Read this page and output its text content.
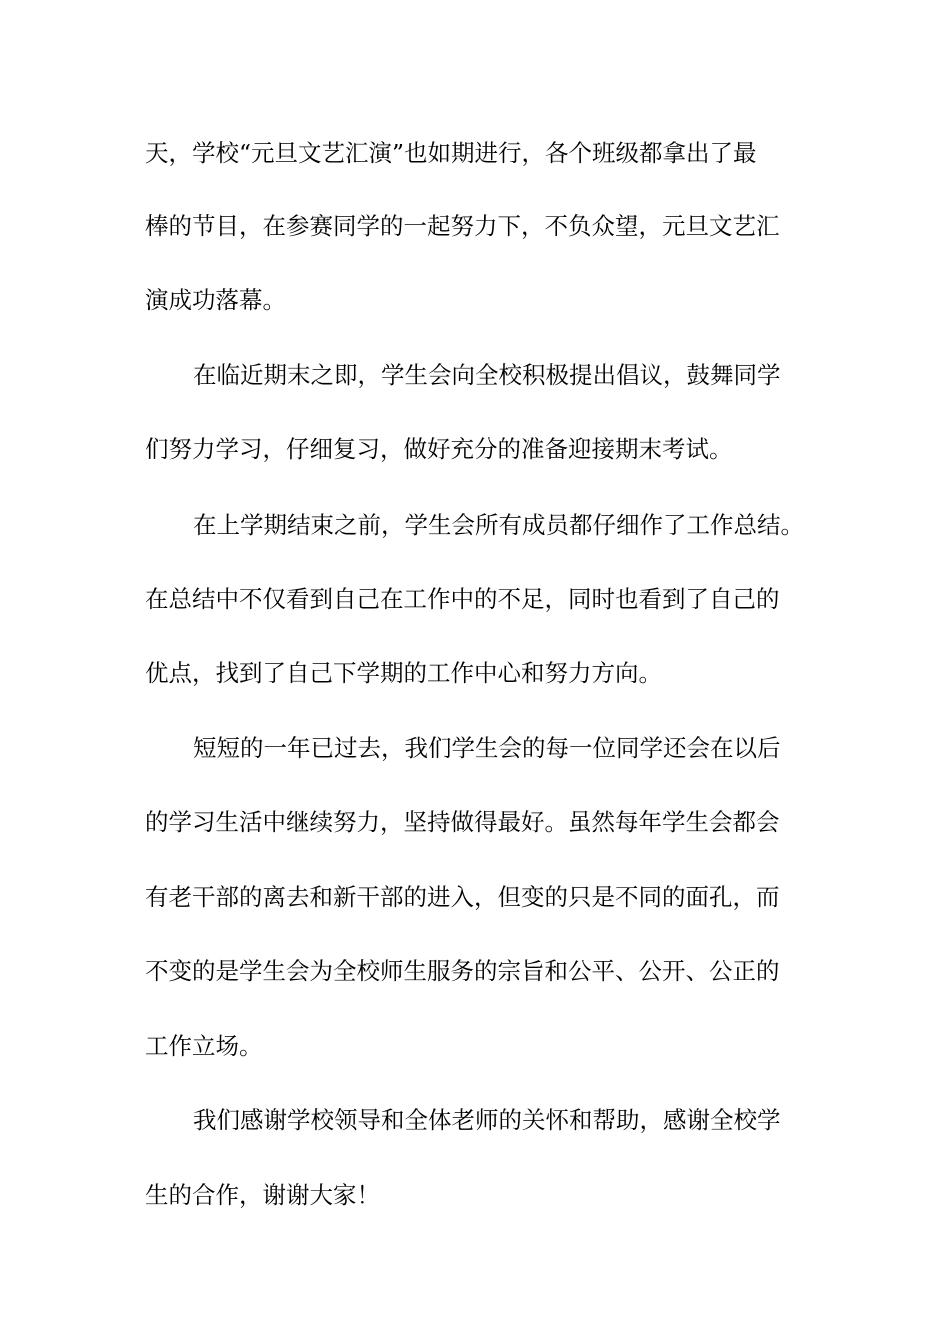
天，学校“元旦文艺汇演”也如期进行，各个班级都拿出了最
棒的节目，在参赛同学的一起努力下，不负众望，元旦文艺汇
演成功落幕。
在临近期末之即，学生会向全校积极提出倡议，鼓舞同学
们努力学习，仔细复习，做好充分的准备迎接期末考试。
在上学期结束之前，学生会所有成员都仔细作了工作总结。
在总结中不仅看到自己在工作中的不足，同时也看到了自己的
优点，找到了自己下学期的工作中心和努力方向。
短短的一年已过去，我们学生会的每一位同学还会在以后
的学习生活中继续努力，坚持做得最好。虽然每年学生会都会
有老干部的离去和新干部的进入，但变的只是不同的面孔，而
不变的是学生会为全校师生服务的宗旨和公平、公开、公正的
工作立场。
我们感谢学校领导和全体老师的关怀和帮助，感谢全校学
生的合作，谢谢大家！
